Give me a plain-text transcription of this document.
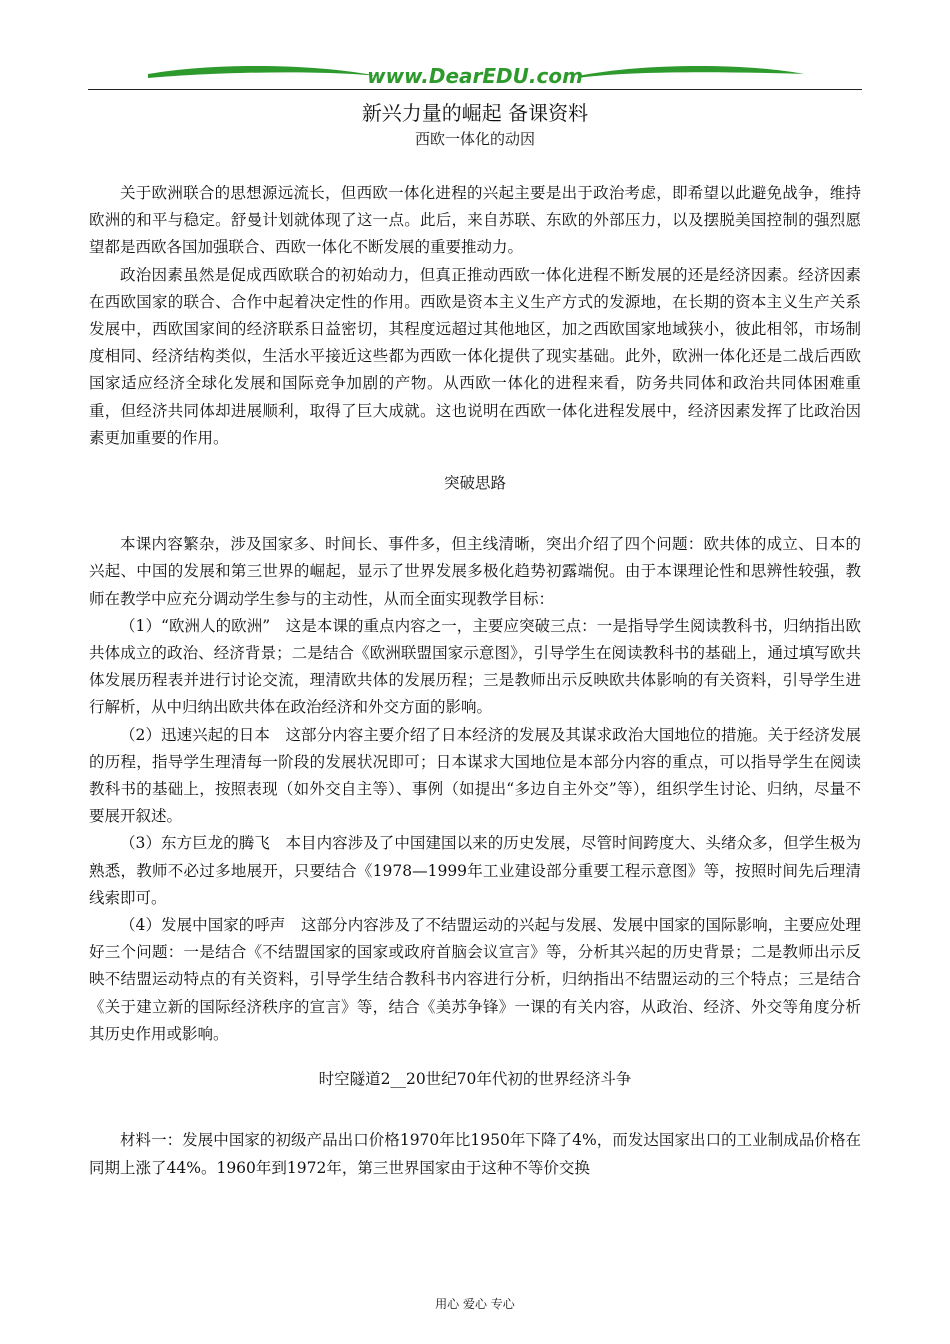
www.DearEDU.com
新兴力量的崛起 备课资料
西欧一体化的动因

关于欧洲联合的思想源远流长，但西欧一体化进程的兴起主要是出于政治考虑，即希望以此避免战争，维持欧洲的和平与稳定。舒曼计划就体现了这一点。此后，来自苏联、东欧的外部压力，以及摆脱美国控制的强烈愿望都是西欧各国加强联合、西欧一体化不断发展的重要推动力。

政治因素虽然是促成西欧联合的初始动力，但真正推动西欧一体化进程不断发展的还是经济因素。经济因素在西欧国家的联合、合作中起着决定性的作用。西欧是资本主义生产方式的发源地，在长期的资本主义生产关系发展中，西欧国家间的经济联系日益密切，其程度远超过其他地区，加之西欧国家地域狭小，彼此相邻，市场制度相同、经济结构类似，生活水平接近这些都为西欧一体化提供了现实基础。此外，欧洲一体化还是二战后西欧国家适应经济全球化发展和国际竞争加剧的产物。从西欧一体化的进程来看，防务共同体和政治共同体困难重重，但经济共同体却进展顺利，取得了巨大成就。这也说明在西欧一体化进程发展中，经济因素发挥了比政治因素更加重要的作用。

突破思路

本课内容繁杂，涉及国家多、时间长、事件多，但主线清晰，突出介绍了四个问题：欧共体的成立、日本的兴起、中国的发展和第三世界的崛起，显示了世界发展多极化趋势初露端倪。由于本课理论性和思辨性较强，教师在教学中应充分调动学生参与的主动性，从而全面实现教学目标：

（1）“欧洲人的欧洲”　这是本课的重点内容之一，主要应突破三点：一是指导学生阅读教科书，归纳指出欧共体成立的政治、经济背景；二是结合《欧洲联盟国家示意图》，引导学生在阅读教科书的基础上，通过填写欧共体发展历程表并进行讨论交流，理清欧共体的发展历程；三是教师出示反映欧共体影响的有关资料，引导学生进行解析，从中归纳出欧共体在政治经济和外交方面的影响。

（2）迅速兴起的日本　这部分内容主要介绍了日本经济的发展及其谋求政治大国地位的措施。关于经济发展的历程，指导学生理清每一阶段的发展状况即可；日本谋求大国地位是本部分内容的重点，可以指导学生在阅读教科书的基础上，按照表现（如外交自主等）、事例（如提出“多边自主外交”等），组织学生讨论、归纳，尽量不要展开叙述。

（3）东方巨龙的腾飞　本目内容涉及了中国建国以来的历史发展，尽管时间跨度大、头绪众多，但学生极为熟悉，教师不必过多地展开，只要结合《1978—1999年工业建设部分重要工程示意图》等，按照时间先后理清线索即可。

（4）发展中国家的呼声　这部分内容涉及了不结盟运动的兴起与发展、发展中国家的国际影响，主要应处理好三个问题：一是结合《不结盟国家的国家或政府首脑会议宣言》等，分析其兴起的历史背景；二是教师出示反映不结盟运动特点的有关资料，引导学生结合教科书内容进行分析，归纳指出不结盟运动的三个特点；三是结合《关于建立新的国际经济秩序的宣言》等，结合《美苏争锋》一课的有关内容，从政治、经济、外交等角度分析其历史作用或影响。

时空隧道2__20世纪70年代初的世界经济斗争

材料一：发展中国家的初级产品出口价格1970年比1950年下降了4%，而发达国家出口的工业制成品价格在同期上涨了44%。1960年到1972年，第三世界国家由于这种不等价交换

用心 爱心 专心
